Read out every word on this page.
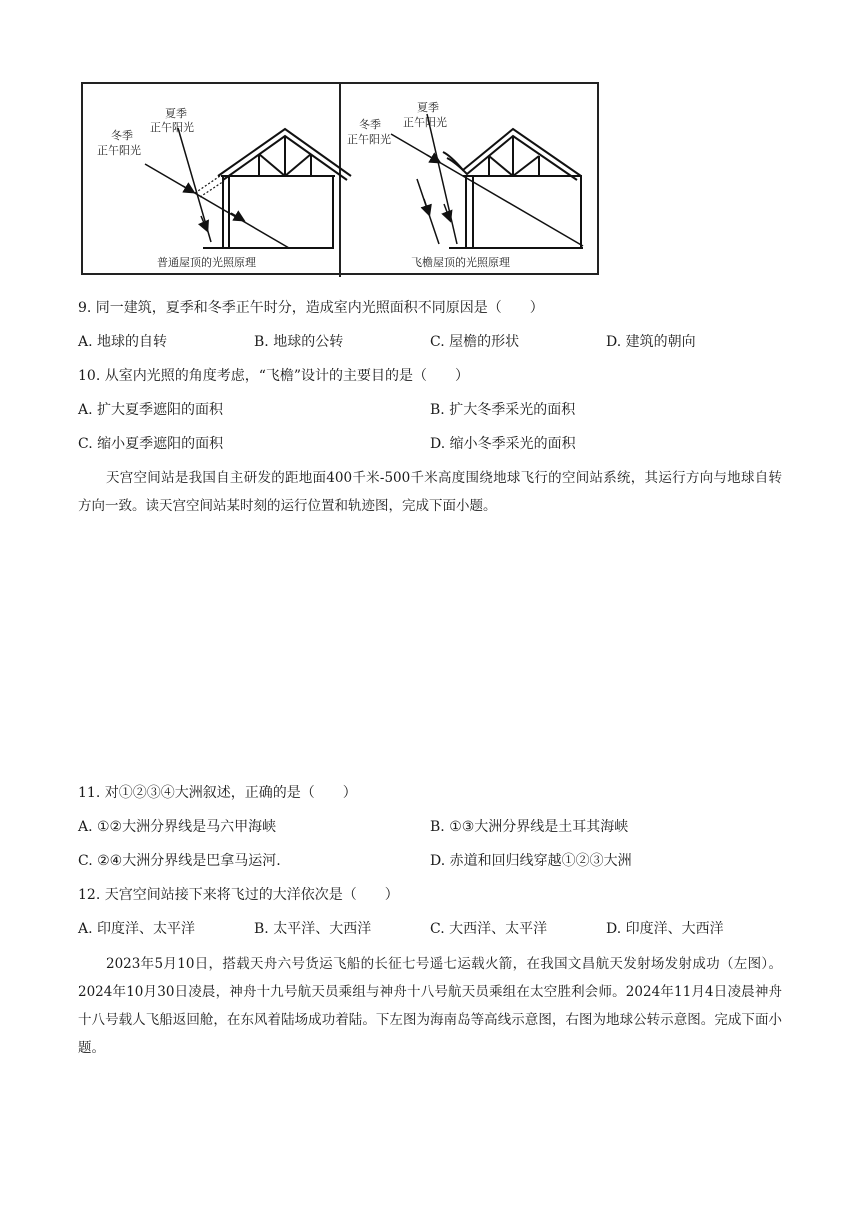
夏季
正午阳光
冬季
正午阳光
普通屋顶的光照原理
夏季
正午阳光
冬季
正午阳光
飞檐屋顶的光照原理
9. 同一建筑，夏季和冬季正午时分，造成室内光照面积不同原因是（　　）
A. 地球的自转	B. 地球的公转	C. 屋檐的形状	D. 建筑的朝向
10. 从室内光照的角度考虑，“飞檐”设计的主要目的是（　　）
A. 扩大夏季遮阳的面积	B. 扩大冬季采光的面积
C. 缩小夏季遮阳的面积	D. 缩小冬季采光的面积
天宫空间站是我国自主研发的距地面400千米-500千米高度围绕地球飞行的空间站系统，其运行方向与地球自转方向一致。读天宫空间站某时刻的运行位置和轨迹图，完成下面小题。
11. 对①②③④大洲叙述，正确的是（　　）
A. ①②大洲分界线是马六甲海峡	B. ①③大洲分界线是土耳其海峡
C. ②④大洲分界线是巴拿马运河.	D. 赤道和回归线穿越①②③大洲
12. 天宫空间站接下来将飞过的大洋依次是（　　）
A. 印度洋、太平洋	B. 太平洋、大西洋	C. 大西洋、太平洋	D. 印度洋、大西洋
2023年5月10日，搭载天舟六号货运飞船的长征七号遥七运载火箭，在我国文昌航天发射场发射成功（左图）。2024年10月30日凌晨，神舟十九号航天员乘组与神舟十八号航天员乘组在太空胜利会师。2024年11月4日凌晨神舟十八号载人飞船返回舱，在东风着陆场成功着陆。下左图为海南岛等高线示意图，右图为地球公转示意图。完成下面小题。
